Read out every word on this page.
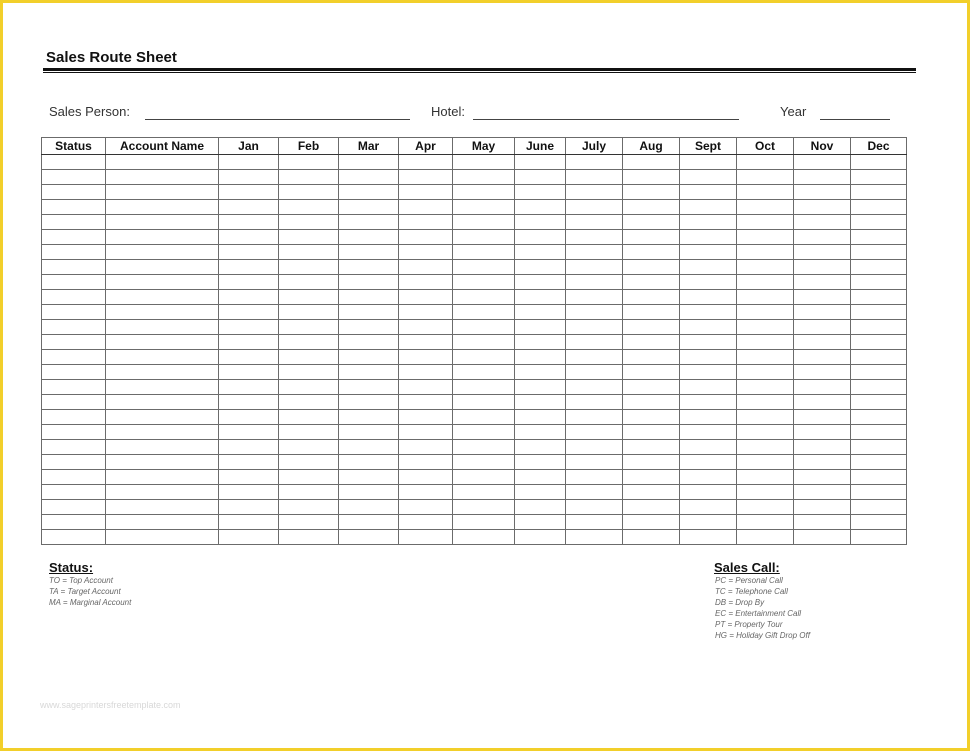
Sales Route Sheet
Sales Person:	Hotel:	Year
Status	Account Name	Jan	Feb	Mar	Apr	May	June	July	Aug	Sept	Oct	Nov	Dec

Status:
TO = Top Account
TA = Target Account
MA = Marginal Account
Sales Call:
PC = Personal Call
TC = Telephone Call
DB = Drop By
EC = Entertainment Call
PT = Property Tour
HG = Holiday Gift Drop Off
www.sageprintersfreetemplate.com
